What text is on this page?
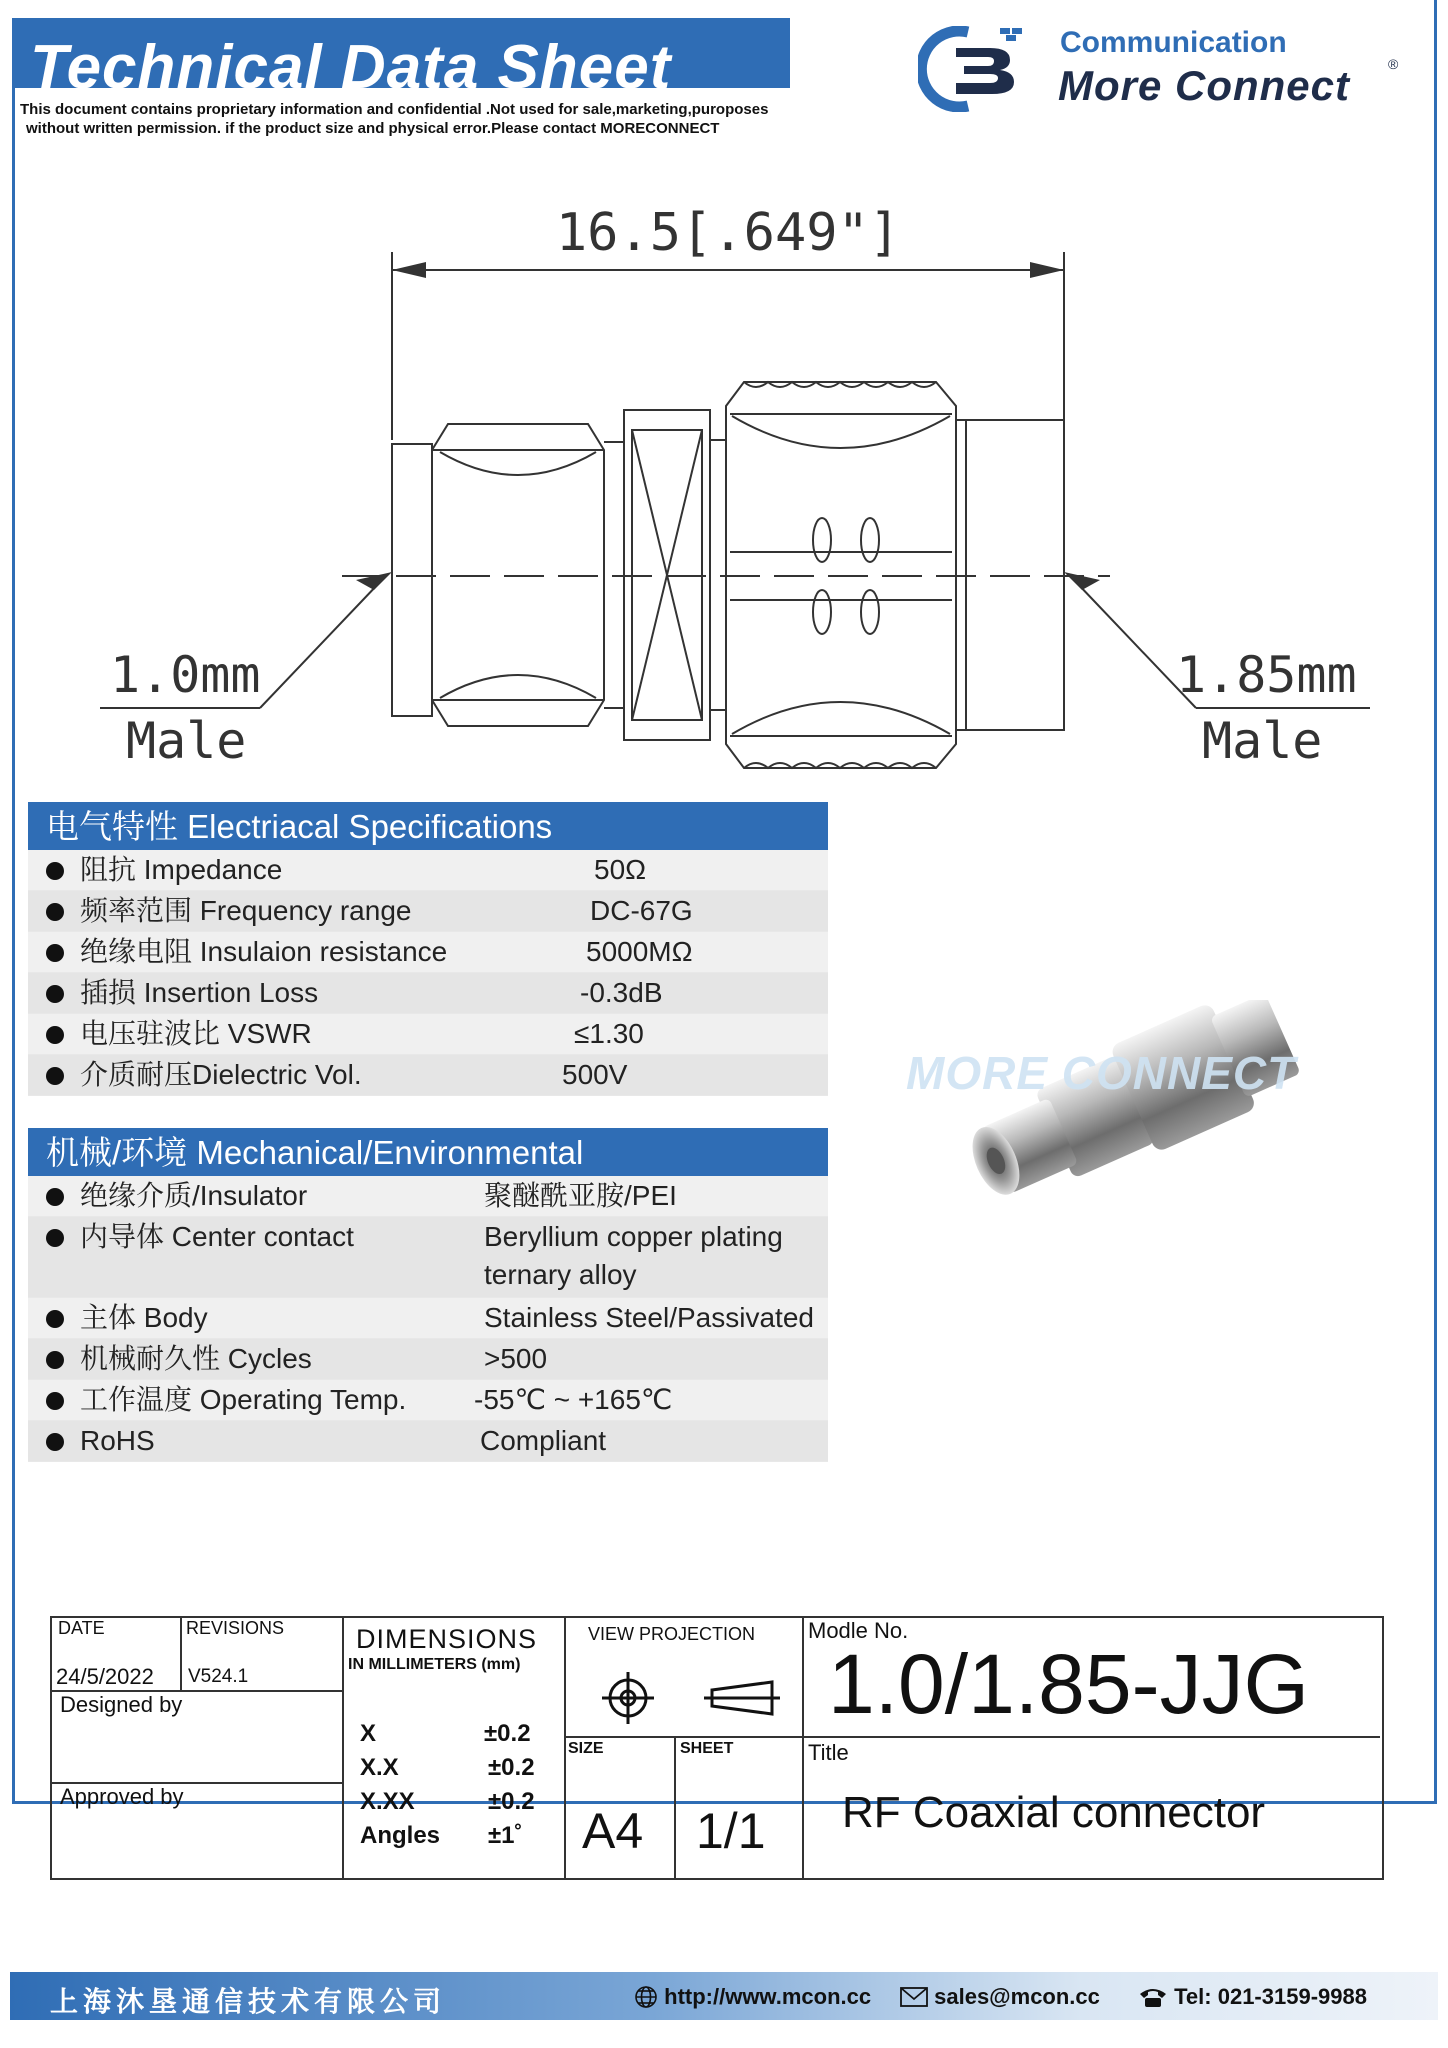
Technical Data Sheet
This document contains proprietary information and confidential .Not used for sale,marketing,puroposes
without written permission. if the product size and physical error.Please contact MORECONNECT
Communication
More Connect	®
16.5[.649"]
1.0mm
Male
1.85mm
Male
MORE CONNECT
电气特性 Electriacal Specifications
阻抗 Impedance	50Ω
频率范围 Frequency range	DC-67G
绝缘电阻 Insulaion resistance	5000MΩ
插损 Insertion Loss	-0.3dB
电压驻波比 VSWR	≤1.30
介质耐压Dielectric Vol.	500V
机械/环境 Mechanical/Environmental
绝缘介质/Insulator	聚醚酰亚胺/PEI
内导体 Center contact	Beryllium copper plating
ternary alloy
主体 Body	Stainless Steel/Passivated
机械耐久性 Cycles	>500
工作温度 Operating Temp. -55℃ ~ +165℃
RoHS	Compliant
DATE
24/5/2022
REVISIONS
V524.1
Designed by
Approved by
DIMENSIONS
IN MILLIMETERS (mm)
X	±0.2
X.X	±0.2
X.XX	±0.2
Angles ±1˚
VIEW PROJECTION
SIZE
A4
SHEET
1/1
Modle No.
1.0/1.85-JJG
Title
RF Coaxial connector
上海沐垦通信技术有限公司	http://www.mcon.cc	sales@mcon.cc	Tel: 021-3159-9988
